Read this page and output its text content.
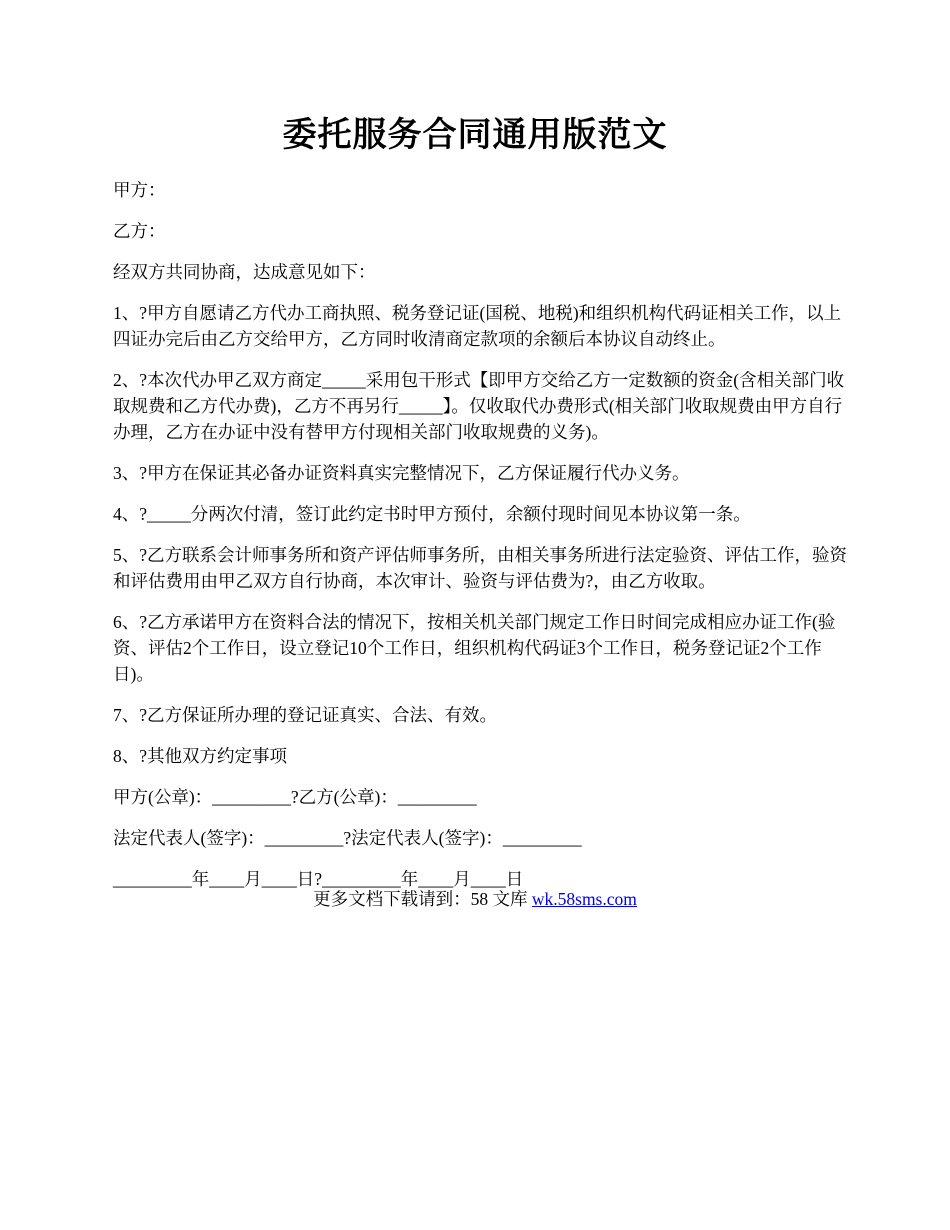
委托服务合同通用版范文

甲方：

乙方：

经双方共同协商，达成意见如下：

1、?甲方自愿请乙方代办工商执照、税务登记证(国税、地税)和组织机构代码证相关工作，以上四证办完后由乙方交给甲方，乙方同时收清商定款项的余额后本协议自动终止。

2、?本次代办甲乙双方商定_____采用包干形式【即甲方交给乙方一定数额的资金(含相关部门收取规费和乙方代办费)，乙方不再另行_____】。仅收取代办费形式(相关部门收取规费由甲方自行办理，乙方在办证中没有替甲方付现相关部门收取规费的义务)。

3、?甲方在保证其必备办证资料真实完整情况下，乙方保证履行代办义务。

4、?_____分两次付清，签订此约定书时甲方预付，余额付现时间见本协议第一条。

5、?乙方联系会计师事务所和资产评估师事务所，由相关事务所进行法定验资、评估工作，验资和评估费用由甲乙双方自行协商，本次审计、验资与评估费为?，由乙方收取。

6、?乙方承诺甲方在资料合法的情况下，按相关机关部门规定工作日时间完成相应办证工作(验资、评估2个工作日，设立登记10个工作日，组织机构代码证3个工作日，税务登记证2个工作日)。

7、?乙方保证所办理的登记证真实、合法、有效。

8、?其他双方约定事项

甲方(公章)：_________?乙方(公章)：_________

法定代表人(签字)：_________?法定代表人(签字)：_________

_________年____月____日?_________年____月____日

更多文档下载请到：58 文库 wk.58sms.com
